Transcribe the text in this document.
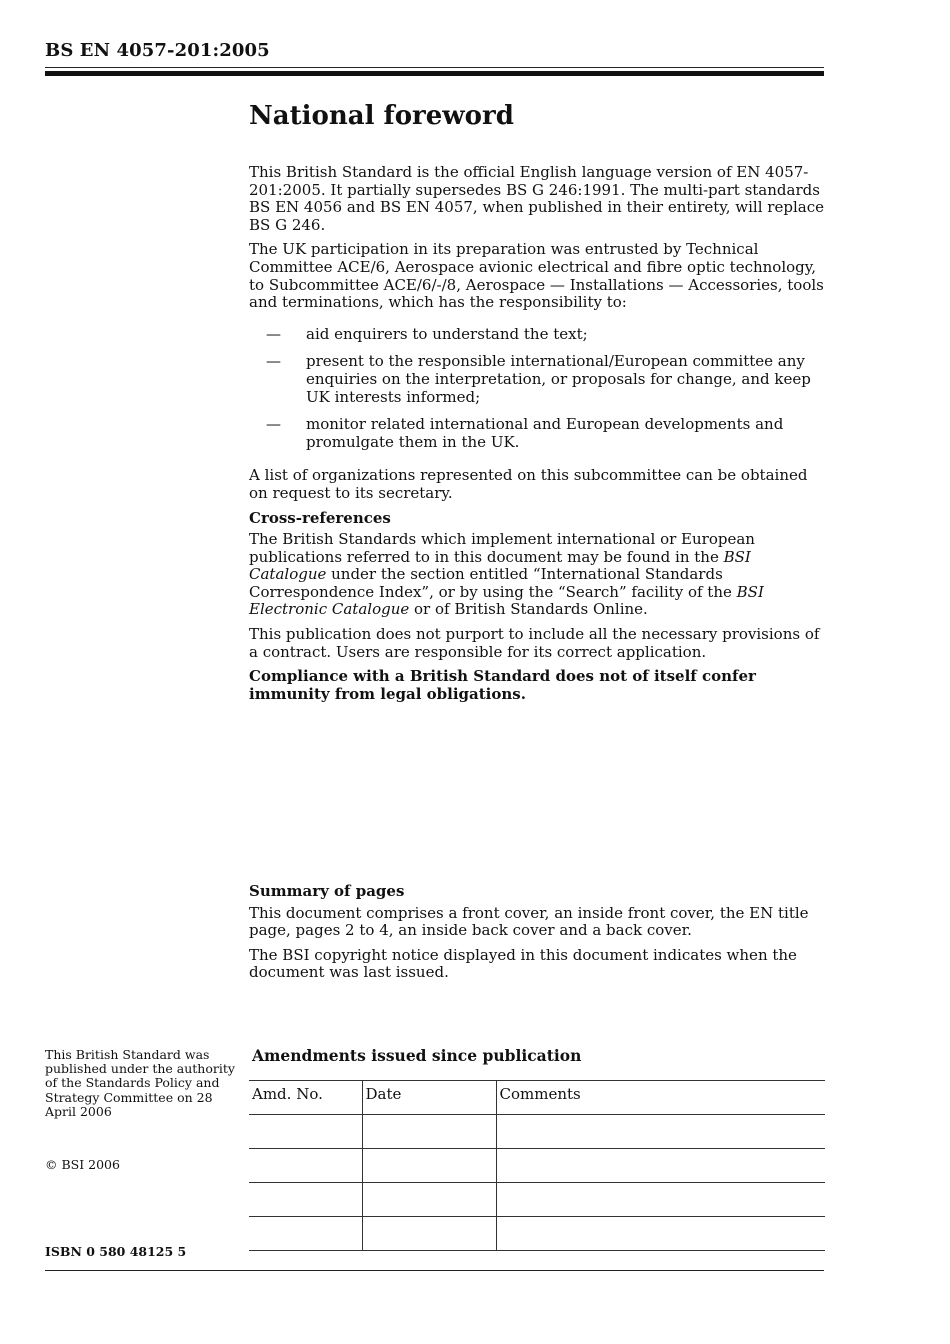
BS EN 4057-201:2005
National foreword

This British Standard is the official English language version of EN 4057-201:2005. It partially supersedes BS G 246:1991. The multi-part standards BS EN 4056 and BS EN 4057, when published in their entirety, will replace BS G 246.

The UK participation in its preparation was entrusted by Technical Committee ACE/6, Aerospace avionic electrical and fibre optic technology, to Subcommittee ACE/6/-/8, Aerospace — Installations — Accessories, tools and terminations, which has the responsibility to:

— aid enquirers to understand the text;
— present to the responsible international/European committee any enquiries on the interpretation, or proposals for change, and keep UK interests informed;
— monitor related international and European developments and promulgate them in the UK.

A list of organizations represented on this subcommittee can be obtained on request to its secretary.

Cross-references

The British Standards which implement international or European publications referred to in this document may be found in the BSI Catalogue under the section entitled “International Standards Correspondence Index”, or by using the “Search” facility of the BSI Electronic Catalogue or of British Standards Online.

This publication does not purport to include all the necessary provisions of a contract. Users are responsible for its correct application.

Compliance with a British Standard does not of itself confer immunity from legal obligations.

Summary of pages

This document comprises a front cover, an inside front cover, the EN title page, pages 2 to 4, an inside back cover and a back cover.

The BSI copyright notice displayed in this document indicates when the document was last issued.

This British Standard was published under the authority of the Standards Policy and Strategy Committee on 28 April 2006
© BSI 2006
ISBN 0 580 48125 5
Amendments issued since publication
Amd. No.	Date	Comments
